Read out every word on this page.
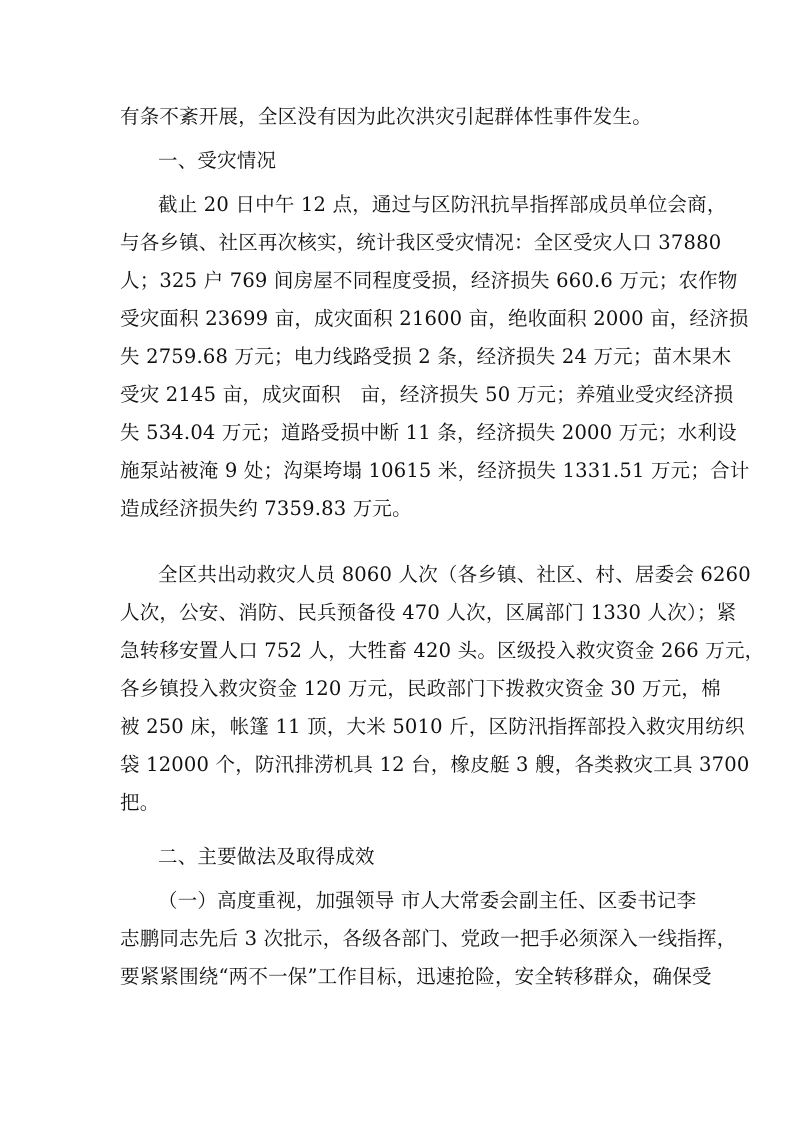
有条不紊开展，全区没有因为此次洪灾引起群体性事件发生。
一、受灾情况
截止 20 日中午 12 点，通过与区防汛抗旱指挥部成员单位会商，
与各乡镇、社区再次核实，统计我区受灾情况：全区受灾人口 37880
人；325 户 769 间房屋不同程度受损，经济损失 660.6 万元；农作物
受灾面积 23699 亩，成灾面积 21600 亩，绝收面积 2000 亩，经济损
失 2759.68 万元；电力线路受损 2 条，经济损失 24 万元；苗木果木
受灾 2145 亩，成灾面积　亩，经济损失 50 万元；养殖业受灾经济损
失 534.04 万元；道路受损中断 11 条，经济损失 2000 万元；水利设
施泵站被淹 9 处；沟渠垮塌 10615 米，经济损失 1331.51 万元；合计
造成经济损失约 7359.83 万元。
全区共出动救灾人员 8060 人次（各乡镇、社区、村、居委会 6260
人次，公安、消防、民兵预备役 470 人次，区属部门 1330 人次）；紧
急转移安置人口 752 人，大牲畜 420 头。区级投入救灾资金 266 万元，
各乡镇投入救灾资金 120 万元，民政部门下拨救灾资金 30 万元，棉
被 250 床，帐篷 11 顶，大米 5010 斤，区防汛指挥部投入救灾用纺织
袋 12000 个，防汛排涝机具 12 台，橡皮艇 3 艘，各类救灾工具 3700
把。
二、主要做法及取得成效
（一）高度重视，加强领导 市人大常委会副主任、区委书记李
志鹏同志先后 3 次批示，各级各部门、党政一把手必须深入一线指挥，
要紧紧围绕“两不一保”工作目标，迅速抢险，安全转移群众，确保受
